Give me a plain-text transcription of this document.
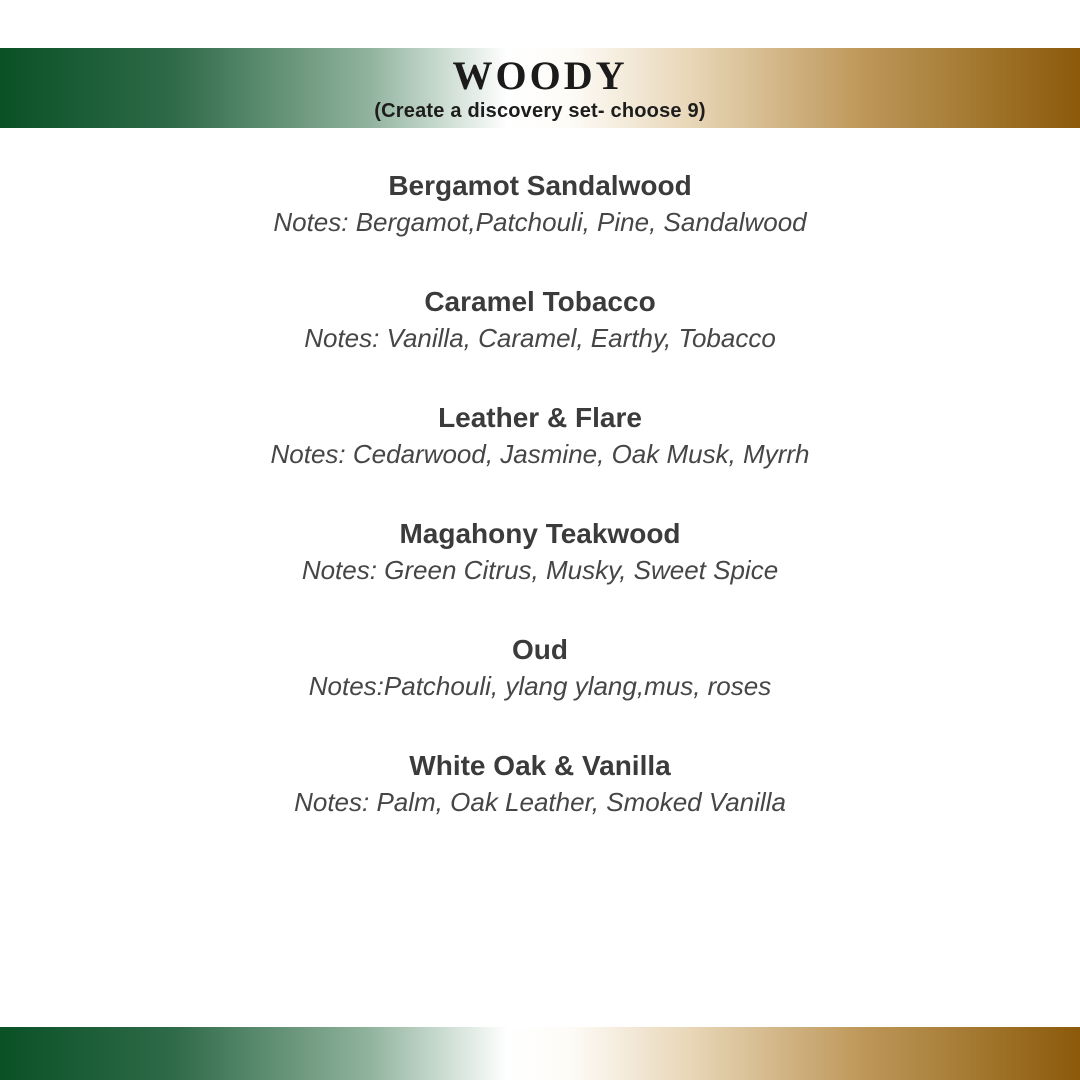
WOODY
(Create a discovery set- choose 9)
Bergamot Sandalwood
Notes: Bergamot,Patchouli, Pine, Sandalwood
Caramel Tobacco
Notes: Vanilla, Caramel, Earthy, Tobacco
Leather & Flare
Notes: Cedarwood, Jasmine, Oak Musk, Myrrh
Magahony Teakwood
Notes: Green Citrus, Musky, Sweet Spice
Oud
Notes:Patchouli, ylang ylang,mus, roses
White Oak & Vanilla
Notes: Palm, Oak Leather, Smoked Vanilla
